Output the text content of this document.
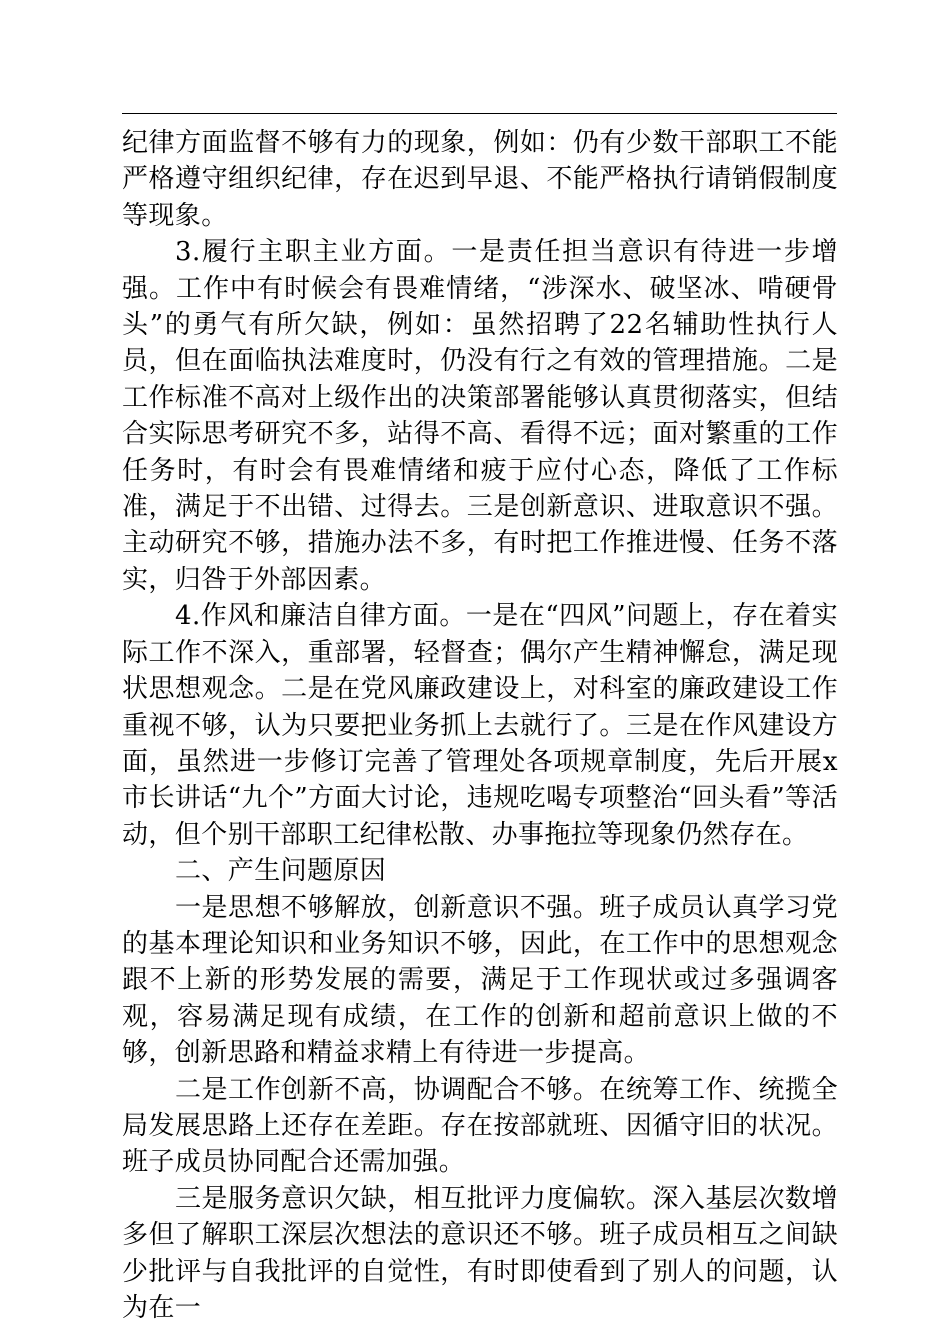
纪律方面监督不够有力的现象，例如：仍有少数干部职工不能严格遵守组织纪律，存在迟到早退、不能严格执行请销假制度等现象。

3.履行主职主业方面。一是责任担当意识有待进一步增强。工作中有时候会有畏难情绪，“涉深水、破坚冰、啃硬骨头”的勇气有所欠缺，例如：虽然招聘了22名辅助性执行人员，但在面临执法难度时，仍没有行之有效的管理措施。二是工作标准不高对上级作出的决策部署能够认真贯彻落实，但结合实际思考研究不多，站得不高、看得不远；面对繁重的工作任务时，有时会有畏难情绪和疲于应付心态，降低了工作标准，满足于不出错、过得去。三是创新意识、进取意识不强。主动研究不够，措施办法不多，有时把工作推进慢、任务不落实，归咎于外部因素。

4.作风和廉洁自律方面。一是在“四风”问题上，存在着实际工作不深入，重部署，轻督查；偶尔产生精神懈怠，满足现状思想观念。二是在党风廉政建设上，对科室的廉政建设工作重视不够，认为只要把业务抓上去就行了。三是在作风建设方面，虽然进一步修订完善了管理处各项规章制度，先后开展x市长讲话“九个”方面大讨论，违规吃喝专项整治“回头看”等活动，但个别干部职工纪律松散、办事拖拉等现象仍然存在。

二、产生问题原因

一是思想不够解放，创新意识不强。班子成员认真学习党的基本理论知识和业务知识不够，因此，在工作中的思想观念跟不上新的形势发展的需要，满足于工作现状或过多强调客观，容易满足现有成绩，在工作的创新和超前意识上做的不够，创新思路和精益求精上有待进一步提高。

二是工作创新不高，协调配合不够。在统筹工作、统揽全局发展思路上还存在差距。存在按部就班、因循守旧的状况。班子成员协同配合还需加强。

三是服务意识欠缺，相互批评力度偏软。深入基层次数增多但了解职工深层次想法的意识还不够。班子成员相互之间缺少批评与自我批评的自觉性，有时即使看到了别人的问题，认为在一
